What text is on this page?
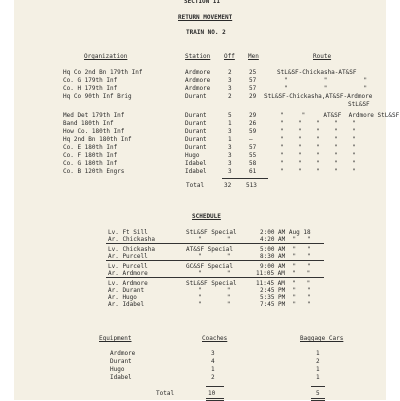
SECTION II
RETURN MOVEMENT
TRAIN NO. 2
Organization	Station Off Men	Route
Hq Co 2nd Bn 179th Inf	Ardmore	2	25	StL&SF-Chickasha-AT&SF
Co. G 179th Inf	Ardmore	3	57	"          "          "
Co. H 179th Inf	Ardmore	3	57	"          "          "
Hq Co 90th Inf Brig	Durant	2	29 StL&SF-Chickasha,AT&SF-Ardmore
StL&SF
Med Det 179th Inf	Durant	5	29	"     "     AT&SF  Ardmore StL&SF
Band 180th Inf	Durant	1	26	"    "    "    "    "
How Co. 180th Inf	Durant	3	59	"    "    "    "    "
Hq 2nd Bn 180th Inf	Durant	1	—	"    "    "    "    "
Co. E 180th Inf	Durant	3	57	"    "    "    "    "
Co. F 180th Inf	Hugo	3	55	"    "    "    "    "
Co. G 180th Inf	Idabel	3	58	"    "    "    "    "
Co. B 120th Engrs	Idabel	3	61	"    "    "    "    "
Total	32 513
SCHEDULE
Lv. Ft Sill	StL&SF Special	2:00 AM Aug 18
Ar. Chickasha	"       "	4:20 AM  "   "
Lv. Chickasha	AT&SF Special	5:00 AM  "   "
Ar. Purcell	"       "	8:30 AM  "   "
Lv. Purcell	GC&SF Special	9:00 AM  "   "
Ar. Ardmore	"       "	11:05 AM  "   "
Lv. Ardmore	StL&SF Special	11:45 AM  "   "
Ar. Durant	"       "	2:45 PM  "   "
Ar. Hugo	"       "	5:35 PM  "   "
Ar. Idabel	"       "	7:45 PM  "   "
Equipment	Coaches	Baggage Cars
Ardmore	3	1
Durant	4	2
Hugo	1	1
Idabel	2	1
Total	10	5
